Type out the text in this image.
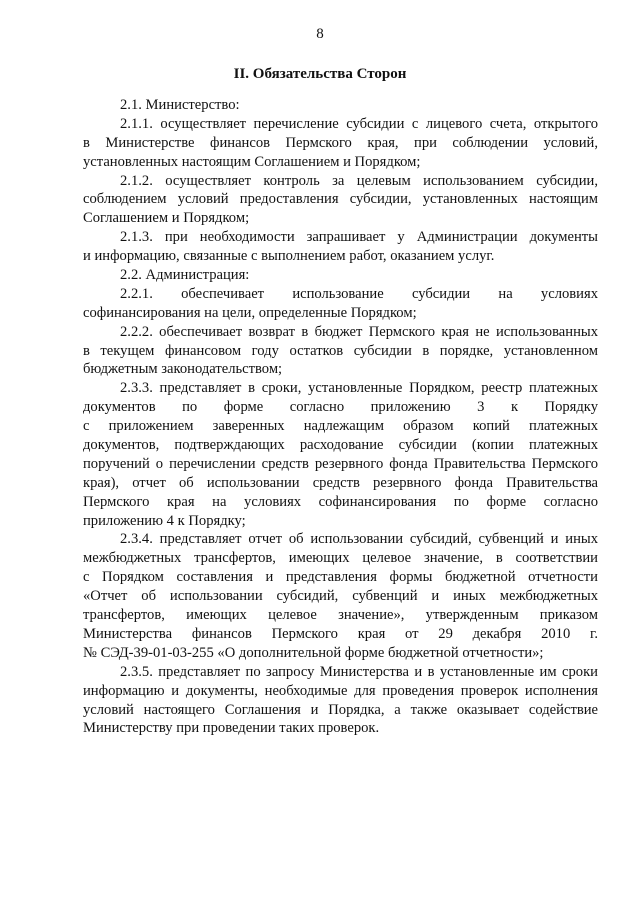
8
II. Обязательства Сторон
2.1. Министерство:
2.1.1. осуществляет перечисление субсидии с лицевого счета, открытого
в Министерстве финансов Пермского края, при соблюдении условий,
установленных настоящим Соглашением и Порядком;
2.1.2. осуществляет контроль за целевым использованием субсидии,
соблюдением условий предоставления субсидии, установленных настоящим
Соглашением и Порядком;
2.1.3. при необходимости запрашивает у Администрации документы
и информацию, связанные с выполнением работ, оказанием услуг.
2.2. Администрация:
2.2.1. обеспечивает использование субсидии на условиях
софинансирования на цели, определенные Порядком;
2.2.2. обеспечивает возврат в бюджет Пермского края не использованных
в текущем финансовом году остатков субсидии в порядке, установленном
бюджетным законодательством;
2.3.3. представляет в сроки, установленные Порядком, реестр платежных
документов по форме согласно приложению 3 к Порядку
с приложением заверенных надлежащим образом копий платежных
документов, подтверждающих расходование субсидии (копии платежных
поручений о перечислении средств резервного фонда Правительства Пермского
края), отчет об использовании средств резервного фонда Правительства
Пермского края на условиях софинансирования по форме согласно
приложению 4 к Порядку;
2.3.4. представляет отчет об использовании субсидий, субвенций и иных
межбюджетных трансфертов, имеющих целевое значение, в соответствии
с Порядком составления и представления формы бюджетной отчетности
«Отчет об использовании субсидий, субвенций и иных межбюджетных
трансфертов, имеющих целевое значение», утвержденным приказом
Министерства финансов Пермского края от 29 декабря 2010 г.
№ СЭД-39-01-03-255 «О дополнительной форме бюджетной отчетности»;
2.3.5. представляет по запросу Министерства и в установленные им сроки
информацию и документы, необходимые для проведения проверок исполнения
условий настоящего Соглашения и Порядка, а также оказывает содействие
Министерству при проведении таких проверок.
